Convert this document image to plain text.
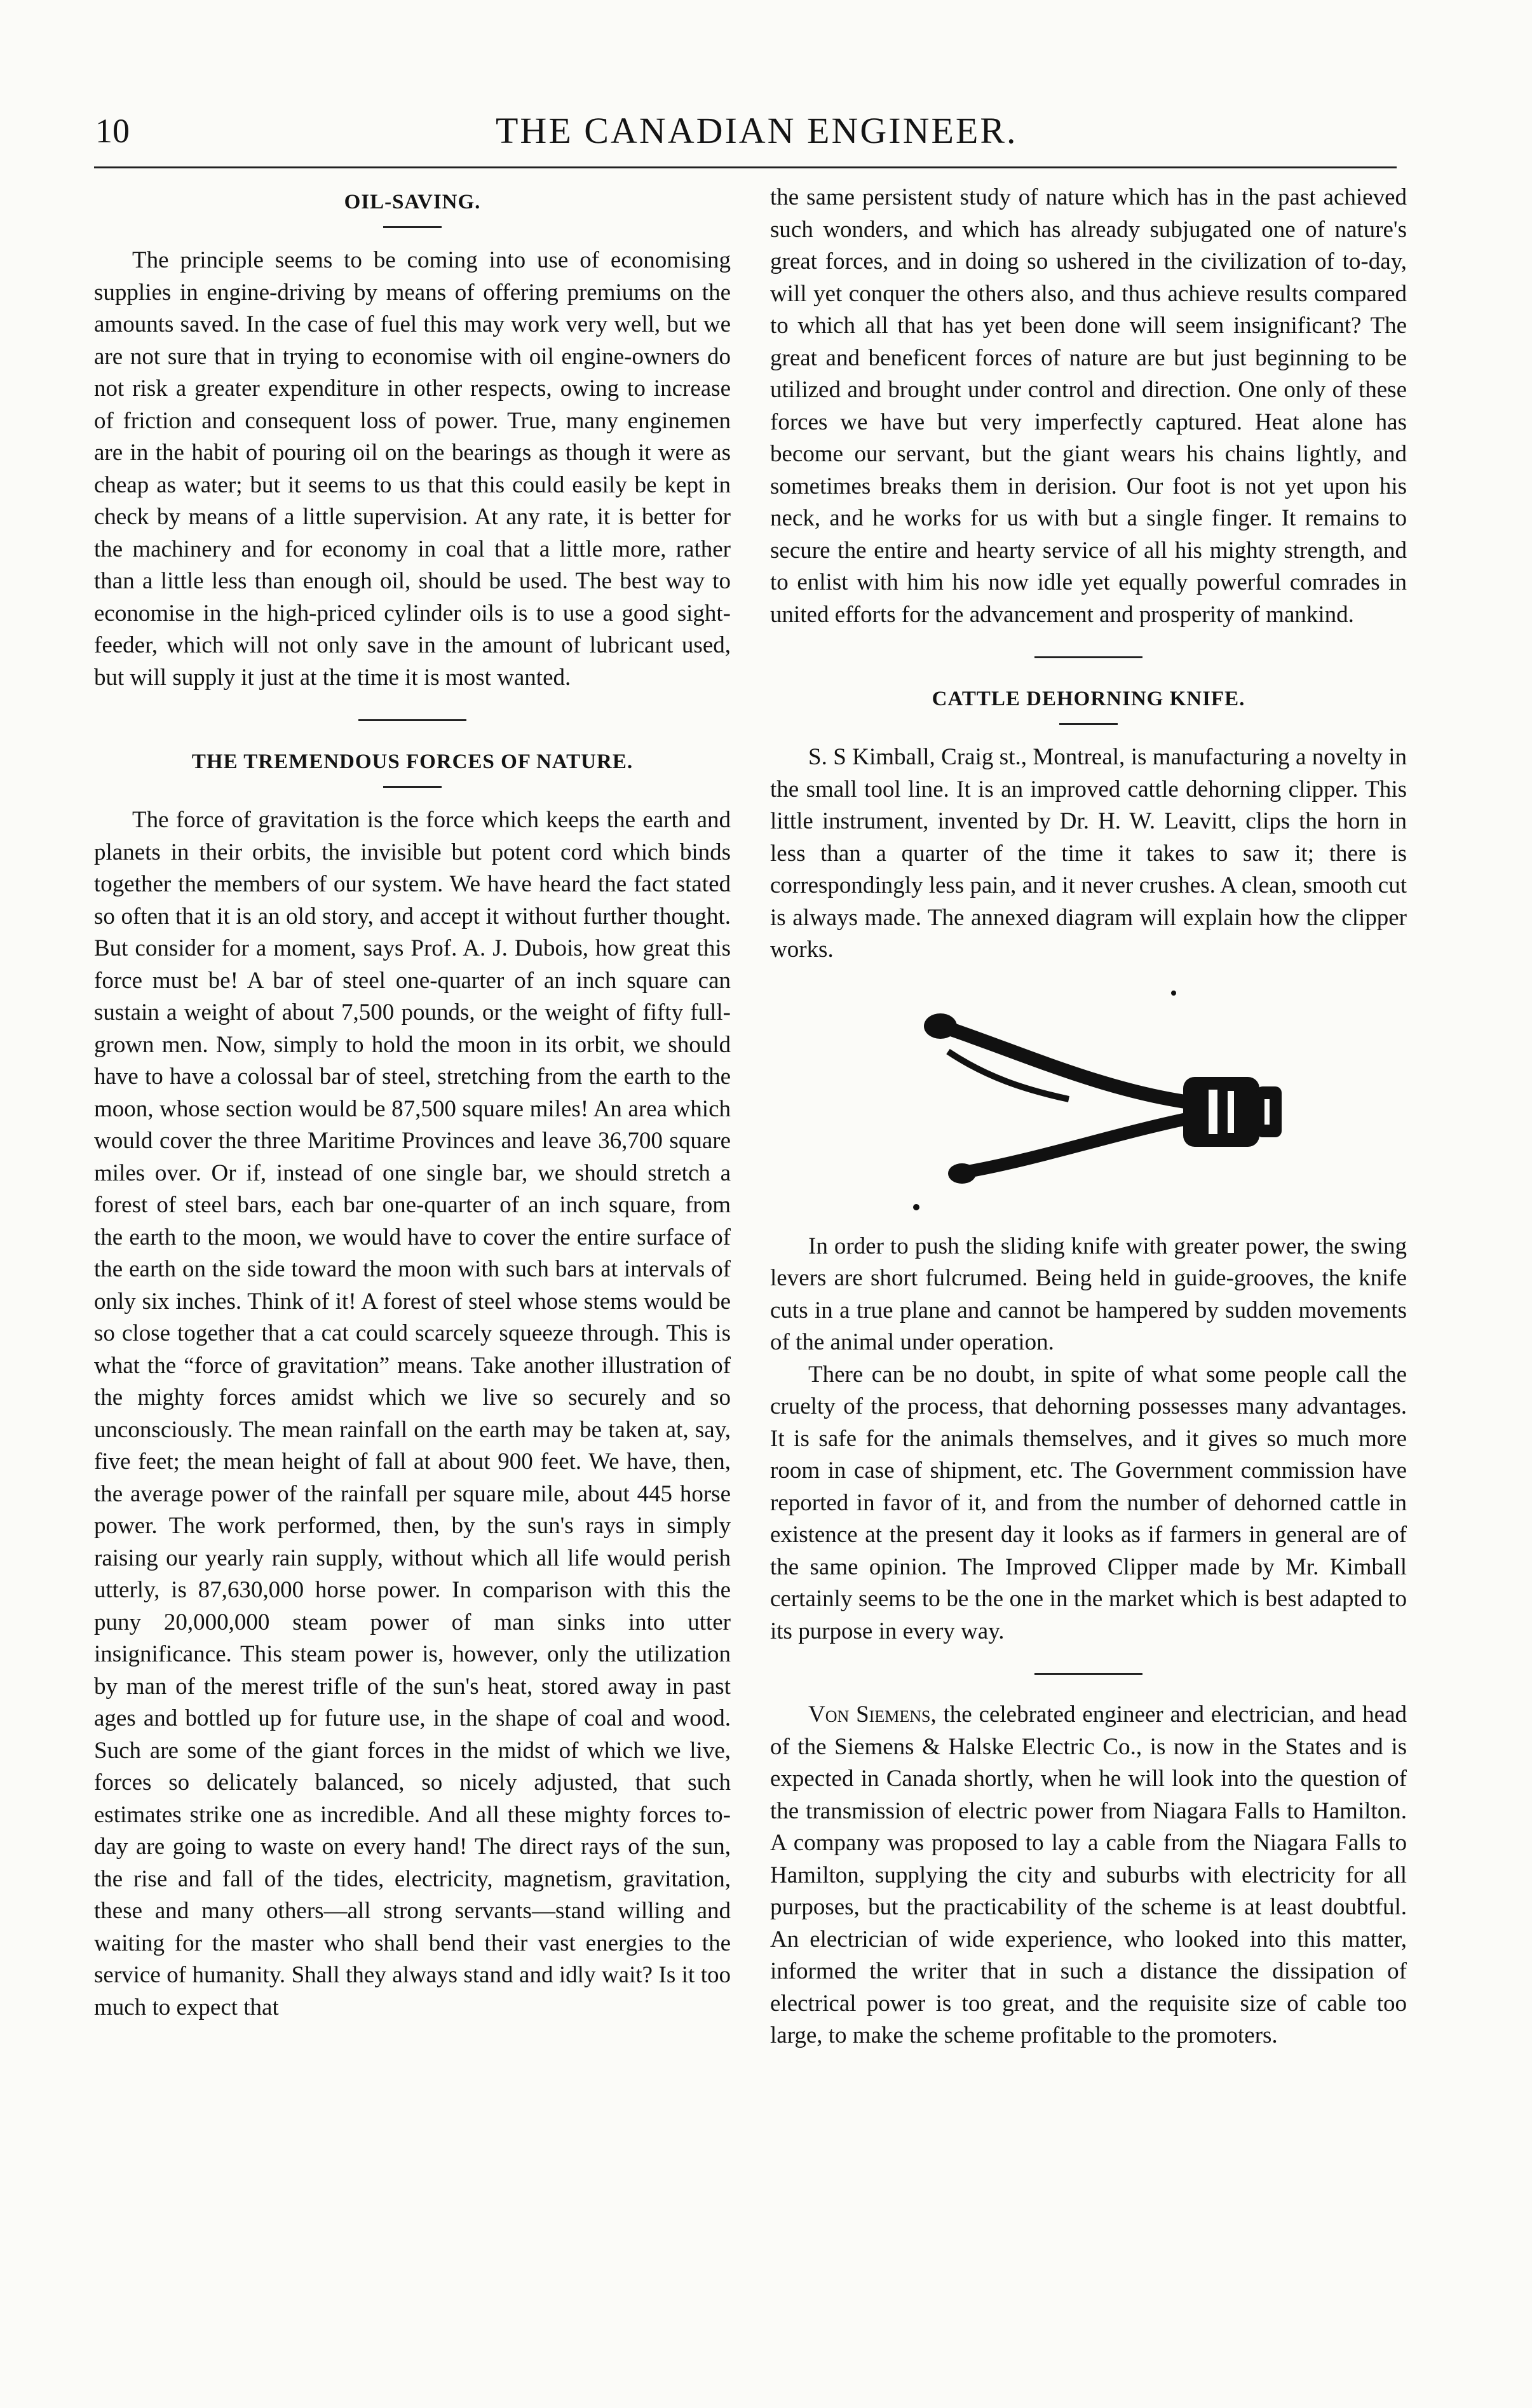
10	THE CANADIAN ENGINEER.
OIL-SAVING.

The principle seems to be coming into use of economising supplies in engine-driving by means of offering premiums on the amounts saved. In the case of fuel this may work very well, but we are not sure that in trying to economise with oil engine-owners do not risk a greater expenditure in other respects, owing to increase of friction and consequent loss of power. True, many enginemen are in the habit of pouring oil on the bearings as though it were as cheap as water; but it seems to us that this could easily be kept in check by means of a little supervision. At any rate, it is better for the machinery and for economy in coal that a little more, rather than a little less than enough oil, should be used. The best way to economise in the high-priced cylinder oils is to use a good sight-feeder, which will not only save in the amount of lubricant used, but will supply it just at the time it is most wanted.

THE TREMENDOUS FORCES OF NATURE.

The force of gravitation is the force which keeps the earth and planets in their orbits, the invisible but potent cord which binds together the members of our system. We have heard the fact stated so often that it is an old story, and accept it without further thought. But consider for a moment, says Prof. A. J. Dubois, how great this force must be! A bar of steel one-quarter of an inch square can sustain a weight of about 7,500 pounds, or the weight of fifty full-grown men. Now, simply to hold the moon in its orbit, we should have to have a colossal bar of steel, stretching from the earth to the moon, whose section would be 87,500 square miles! An area which would cover the three Maritime Provinces and leave 36,700 square miles over. Or if, instead of one single bar, we should stretch a forest of steel bars, each bar one-quarter of an inch square, from the earth to the moon, we would have to cover the entire surface of the earth on the side toward the moon with such bars at intervals of only six inches. Think of it! A forest of steel whose stems would be so close together that a cat could scarcely squeeze through. This is what the “force of gravitation” means. Take another illustration of the mighty forces amidst which we live so securely and so unconsciously. The mean rainfall on the earth may be taken at, say, five feet; the mean height of fall at about 900 feet. We have, then, the average power of the rainfall per square mile, about 445 horse power. The work performed, then, by the sun's rays in simply raising our yearly rain supply, without which all life would perish utterly, is 87,630,000 horse power. In comparison with this the puny 20,000,000 steam power of man sinks into utter insignificance. This steam power is, however, only the utilization by man of the merest trifle of the sun's heat, stored away in past ages and bottled up for future use, in the shape of coal and wood. Such are some of the giant forces in the midst of which we live, forces so delicately balanced, so nicely adjusted, that such estimates strike one as incredible. And all these mighty forces to-day are going to waste on every hand! The direct rays of the sun, the rise and fall of the tides, electricity, magnetism, gravitation, these and many others—all strong servants—stand willing and waiting for the master who shall bend their vast energies to the service of humanity. Shall they always stand and idly wait? Is it too much to expect that

the same persistent study of nature which has in the past achieved such wonders, and which has already subjugated one of nature's great forces, and in doing so ushered in the civilization of to-day, will yet conquer the others also, and thus achieve results compared to which all that has yet been done will seem insignificant? The great and beneficent forces of nature are but just beginning to be utilized and brought under control and direction. One only of these forces we have but very imperfectly captured. Heat alone has become our servant, but the giant wears his chains lightly, and sometimes breaks them in derision. Our foot is not yet upon his neck, and he works for us with but a single finger. It remains to secure the entire and hearty service of all his mighty strength, and to enlist with him his now idle yet equally powerful comrades in united efforts for the advancement and prosperity of mankind.

CATTLE DEHORNING KNIFE.

S. S Kimball, Craig st., Montreal, is manufacturing a novelty in the small tool line. It is an improved cattle dehorning clipper. This little instrument, invented by Dr. H. W. Leavitt, clips the horn in less than a quarter of the time it takes to saw it; there is correspondingly less pain, and it never crushes. A clean, smooth cut is always made. The annexed diagram will explain how the clipper works.

In order to push the sliding knife with greater power, the swing levers are short fulcrumed. Being held in guide-grooves, the knife cuts in a true plane and cannot be hampered by sudden movements of the animal under operation.

There can be no doubt, in spite of what some people call the cruelty of the process, that dehorning possesses many advantages. It is safe for the animals themselves, and it gives so much more room in case of shipment, etc. The Government commission have reported in favor of it, and from the number of dehorned cattle in existence at the present day it looks as if farmers in general are of the same opinion. The Improved Clipper made by Mr. Kimball certainly seems to be the one in the market which is best adapted to its purpose in every way.

Von Siemens, the celebrated engineer and electrician, and head of the Siemens & Halske Electric Co., is now in the States and is expected in Canada shortly, when he will look into the question of the transmission of electric power from Niagara Falls to Hamilton. A company was proposed to lay a cable from the Niagara Falls to Hamilton, supplying the city and suburbs with electricity for all purposes, but the practicability of the scheme is at least doubtful. An electrician of wide experience, who looked into this matter, informed the writer that in such a distance the dissipation of electrical power is too great, and the requisite size of cable too large, to make the scheme profitable to the promoters.
